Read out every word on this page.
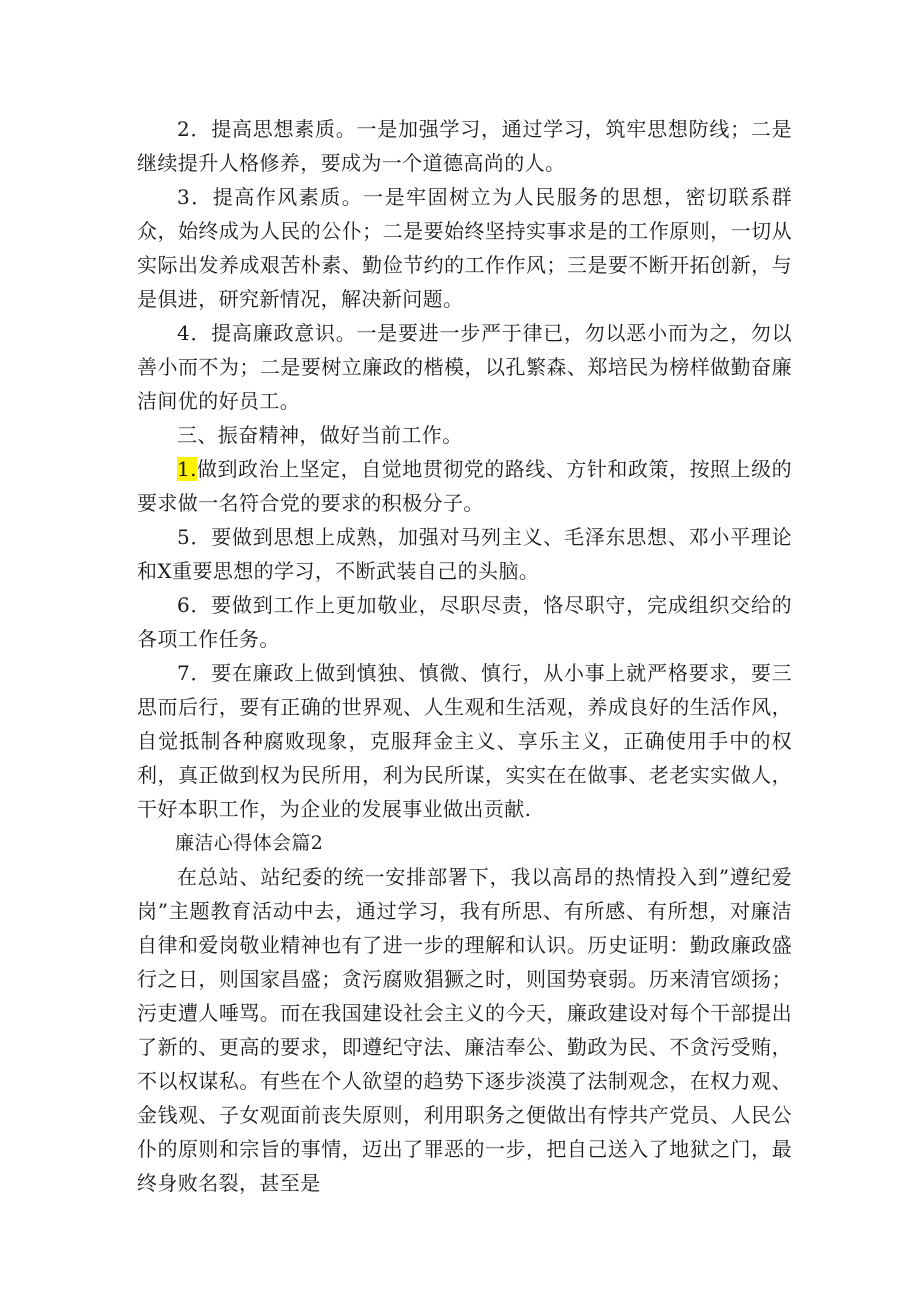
2．提高思想素质。一是加强学习，通过学习，筑牢思想防线；二是继续提升人格修养，要成为一个道德高尚的人。

3．提高作风素质。一是牢固树立为人民服务的思想，密切联系群众，始终成为人民的公仆；二是要始终坚持实事求是的工作原则，一切从实际出发养成艰苦朴素、勤俭节约的工作作风；三是要不断开拓创新，与是俱进，研究新情况，解决新问题。

4．提高廉政意识。一是要进一步严于律已，勿以恶小而为之，勿以善小而不为；二是要树立廉政的楷模，以孔繁森、郑培民为榜样做勤奋廉洁间优的好员工。

三、振奋精神，做好当前工作。

1.做到政治上坚定，自觉地贯彻党的路线、方针和政策，按照上级的要求做一名符合党的要求的积极分子。

5．要做到思想上成熟，加强对马列主义、毛泽东思想、邓小平理论和X重要思想的学习，不断武装自己的头脑。

6．要做到工作上更加敬业，尽职尽责，恪尽职守，完成组织交给的各项工作任务。

7．要在廉政上做到慎独、慎微、慎行，从小事上就严格要求，要三思而后行，要有正确的世界观、人生观和生活观，养成良好的生活作风，自觉抵制各种腐败现象，克服拜金主义、享乐主义，正确使用手中的权利，真正做到权为民所用，利为民所谋，实实在在做事、老老实实做人，干好本职工作，为企业的发展事业做出贡献.

廉洁心得体会篇2

在总站、站纪委的统一安排部署下，我以高昂的热情投入到”遵纪爱岗”主题教育活动中去，通过学习，我有所思、有所感、有所想，对廉洁自律和爱岗敬业精神也有了进一步的理解和认识。历史证明：勤政廉政盛行之日，则国家昌盛；贪污腐败猖獗之时，则国势衰弱。历来清官颂扬；污吏遭人唾骂。而在我国建设社会主义的今天，廉政建设对每个干部提出了新的、更高的要求，即遵纪守法、廉洁奉公、勤政为民、不贪污受贿，不以权谋私。有些在个人欲望的趋势下逐步淡漠了法制观念，在权力观、金钱观、子女观面前丧失原则，利用职务之便做出有悖共产党员、人民公仆的原则和宗旨的事情，迈出了罪恶的一步，把自己送入了地狱之门，最终身败名裂，甚至是
